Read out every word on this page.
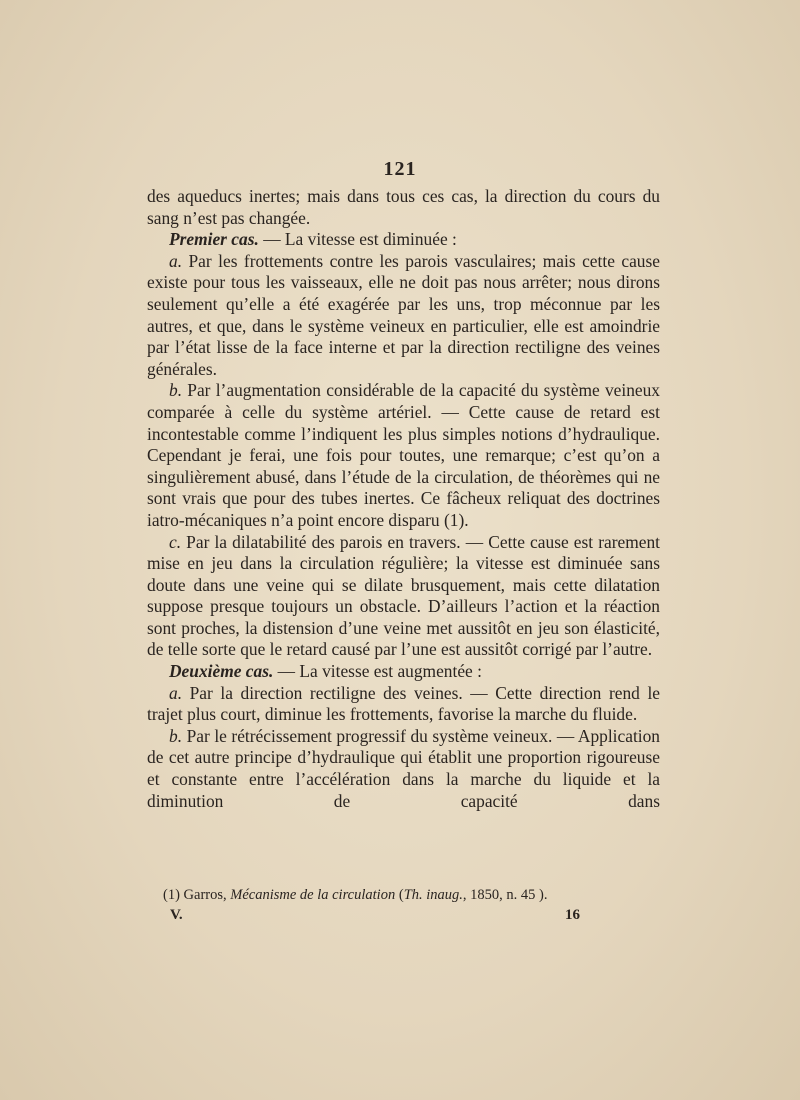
121

des aqueducs inertes; mais dans tous ces cas, la direction du cours du sang n’est pas changée.

Premier cas. — La vitesse est diminuée :

a. Par les frottements contre les parois vasculaires; mais cette cause existe pour tous les vaisseaux, elle ne doit pas nous arrêter; nous dirons seulement qu’elle a été exagérée par les uns, trop méconnue par les autres, et que, dans le système veineux en particulier, elle est amoindrie par l’état lisse de la face interne et par la direction rectiligne des veines générales.

b. Par l’augmentation considérable de la capacité du système veineux comparée à celle du système artériel. — Cette cause de retard est incontestable comme l’indiquent les plus simples notions d’hydraulique. Cependant je ferai, une fois pour toutes, une remarque; c’est qu’on a singulièrement abusé, dans l’étude de la circulation, de théorèmes qui ne sont vrais que pour des tubes inertes. Ce fâcheux reliquat des doctrines iatro-mécaniques n’a point encore disparu (1).

c. Par la dilatabilité des parois en travers. — Cette cause est rarement mise en jeu dans la circulation régulière; la vitesse est diminuée sans doute dans une veine qui se dilate brusquement, mais cette dilatation suppose presque toujours un obstacle. D’ailleurs l’action et la réaction sont proches, la distension d’une veine met aussitôt en jeu son élasticité, de telle sorte que le retard causé par l’une est aussitôt corrigé par l’autre.

Deuxième cas. — La vitesse est augmentée :

a. Par la direction rectiligne des veines. — Cette direction rend le trajet plus court, diminue les frottements, favorise la marche du fluide.

b. Par le rétrécissement progressif du système veineux. — Application de cet autre principe d’hydraulique qui établit une proportion rigoureuse et constante entre l’accélération dans la marche du liquide et la diminution de capacité dans

(1) Garros, Mécanisme de la circulation (Th. inaug., 1850, n. 45 ).
V.	16
